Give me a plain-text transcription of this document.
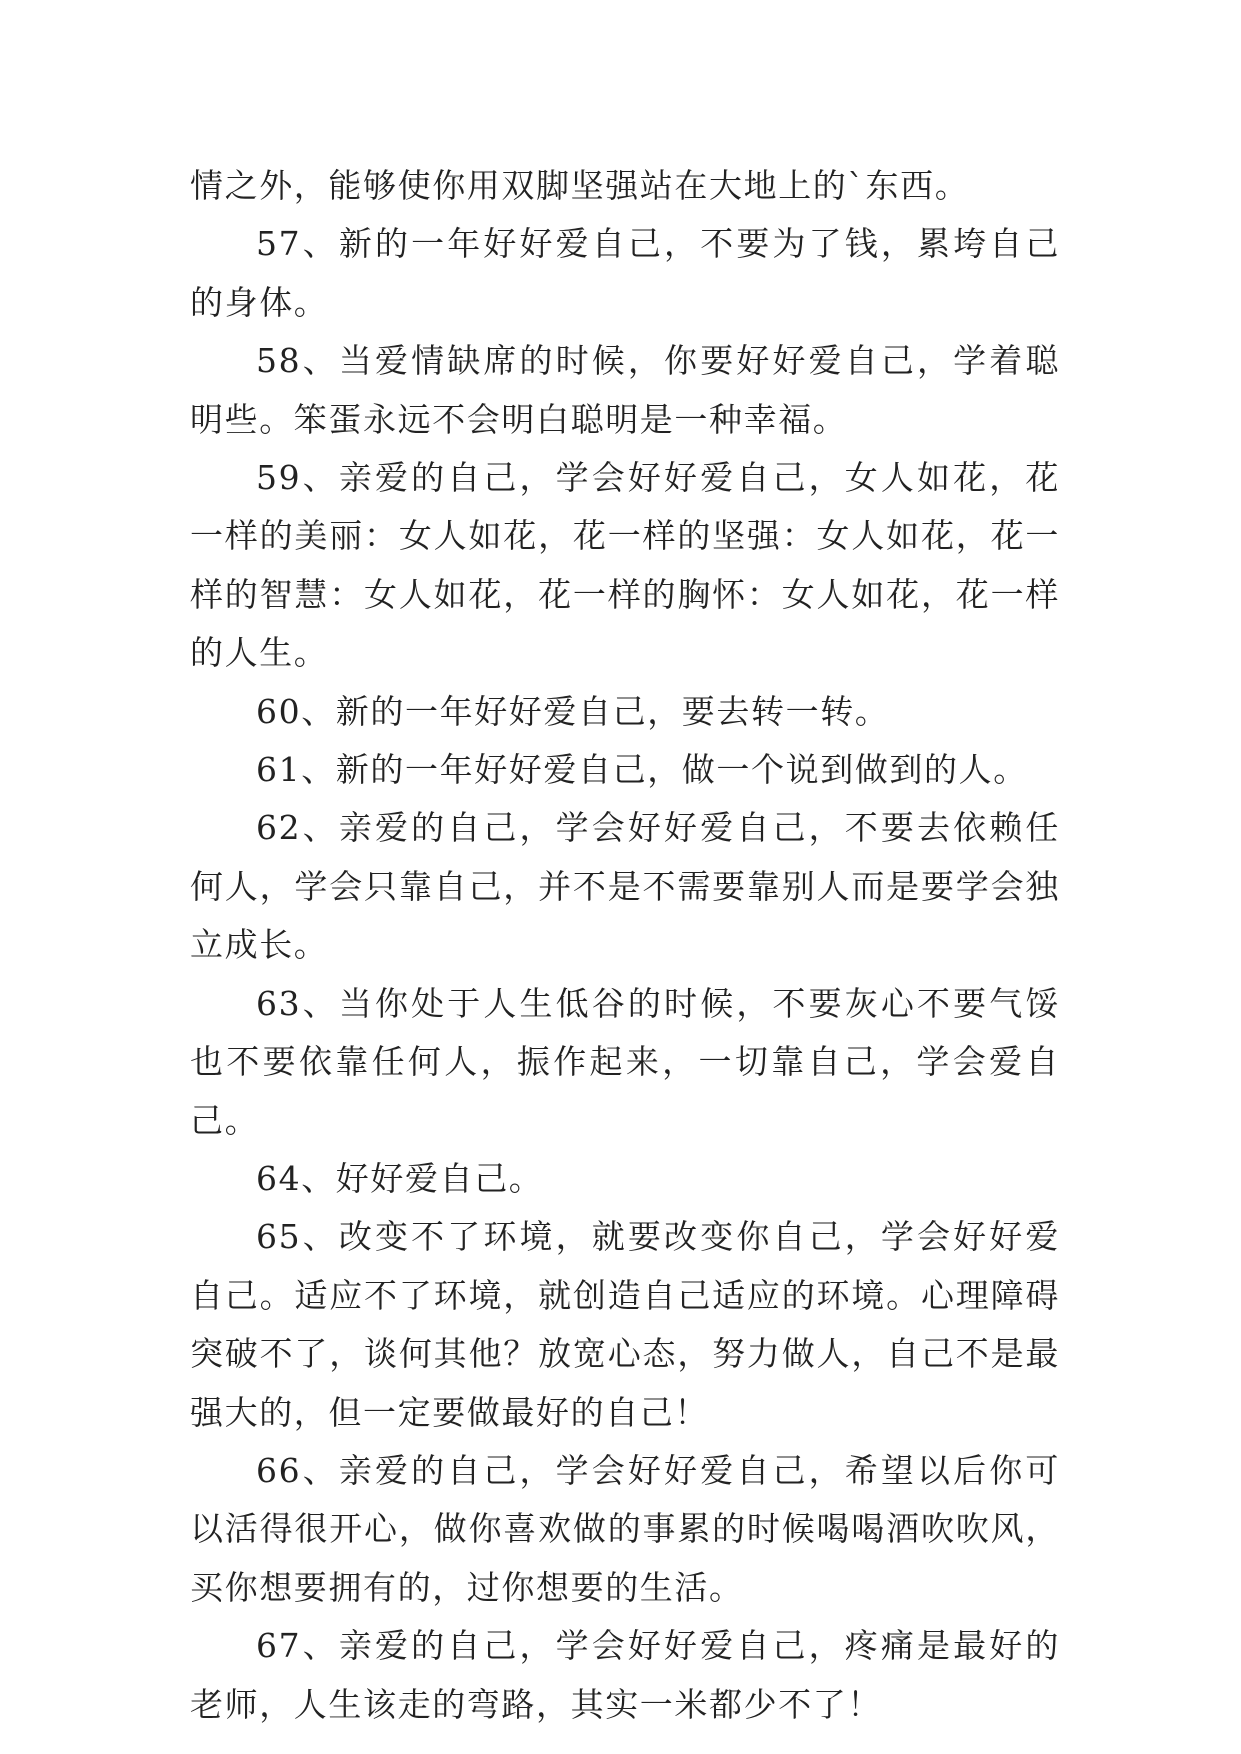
情之外，能够使你用双脚坚强站在大地上的`东西。

57、新的一年好好爱自己，不要为了钱，累垮自己的身体。

58、当爱情缺席的时候，你要好好爱自己，学着聪明些。笨蛋永远不会明白聪明是一种幸福。

59、亲爱的自己，学会好好爱自己，女人如花，花一样的美丽：女人如花，花一样的坚强：女人如花，花一样的智慧：女人如花，花一样的胸怀：女人如花，花一样的人生。

60、新的一年好好爱自己，要去转一转。

61、新的一年好好爱自己，做一个说到做到的人。

62、亲爱的自己，学会好好爱自己，不要去依赖任何人，学会只靠自己，并不是不需要靠别人而是要学会独立成长。

63、当你处于人生低谷的时候，不要灰心不要气馁也不要依靠任何人，振作起来，一切靠自己，学会爱自己。

64、好好爱自己。

65、改变不了环境，就要改变你自己，学会好好爱自己。适应不了环境，就创造自己适应的环境。心理障碍突破不了，谈何其他？放宽心态，努力做人，自己不是最强大的，但一定要做最好的自己！

66、亲爱的自己，学会好好爱自己，希望以后你可以活得很开心，做你喜欢做的事累的时候喝喝酒吹吹风，买你想要拥有的，过你想要的生活。

67、亲爱的自己，学会好好爱自己，疼痛是最好的老师，人生该走的弯路，其实一米都少不了！
